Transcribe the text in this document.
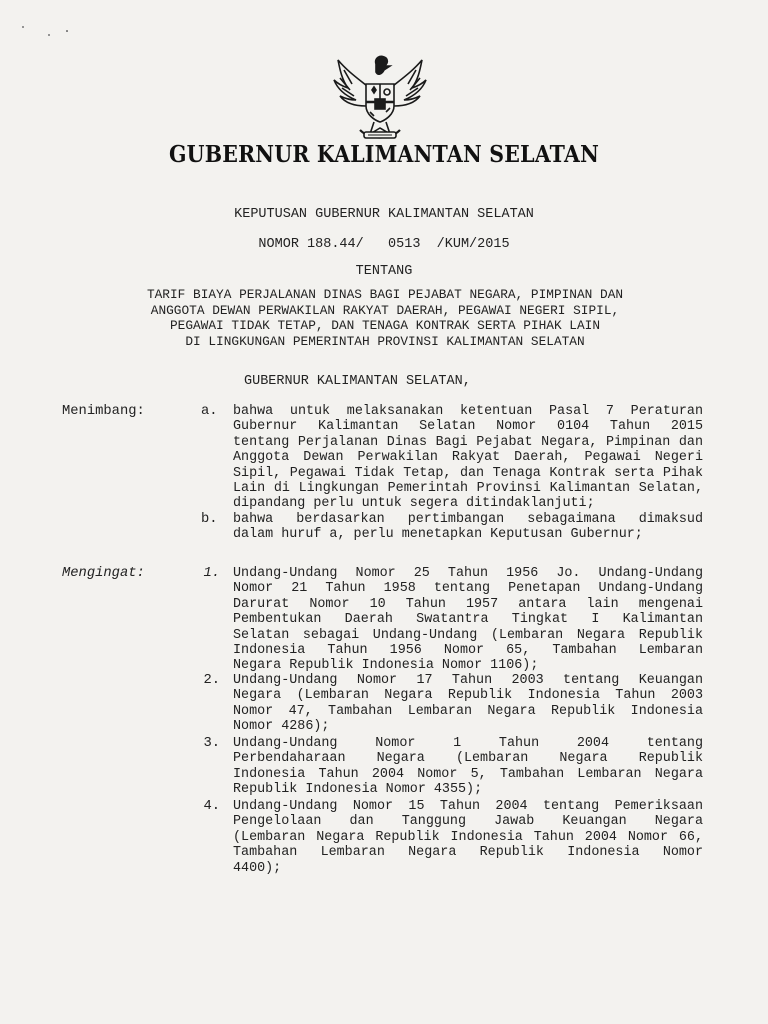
GUBERNUR KALIMANTAN SELATAN
KEPUTUSAN GUBERNUR KALIMANTAN SELATAN
NOMOR 188.44/   0513  /KUM/2015
TENTANG
TARIF BIAYA PERJALANAN DINAS BAGI PEJABAT NEGARA, PIMPINAN DAN
ANGGOTA DEWAN PERWAKILAN RAKYAT DAERAH, PEGAWAI NEGERI SIPIL,
PEGAWAI TIDAK TETAP, DAN TENAGA KONTRAK SERTA PIHAK LAIN
DI LINGKUNGAN PEMERINTAH PROVINSI KALIMANTAN SELATAN
GUBERNUR KALIMANTAN SELATAN,
Menimbang:	a.	bahwa untuk melaksanakan ketentuan Pasal 7 Peraturan
Gubernur Kalimantan Selatan Nomor 0104 Tahun 2015
tentang Perjalanan Dinas Bagi Pejabat Negara, Pimpinan dan
Anggota Dewan Perwakilan Rakyat Daerah, Pegawai Negeri
Sipil, Pegawai Tidak Tetap, dan Tenaga Kontrak serta Pihak
Lain di Lingkungan Pemerintah Provinsi Kalimantan Selatan,
dipandang perlu untuk segera ditindaklanjuti;
b.	bahwa berdasarkan pertimbangan sebagaimana dimaksud
dalam huruf a, perlu menetapkan Keputusan Gubernur;
Mengingat:	1. Undang-Undang Nomor 25 Tahun 1956 Jo. Undang-Undang
Nomor 21 Tahun 1958 tentang Penetapan Undang-Undang
Darurat Nomor 10 Tahun 1957 antara lain mengenai
Pembentukan Daerah Swatantra Tingkat I Kalimantan
Selatan sebagai Undang-Undang (Lembaran Negara Republik
Indonesia Tahun 1956 Nomor 65, Tambahan Lembaran
Negara Republik Indonesia Nomor 1106);
2. Undang-Undang Nomor 17 Tahun 2003 tentang Keuangan
Negara (Lembaran Negara Republik Indonesia Tahun 2003
Nomor 47, Tambahan Lembaran Negara Republik Indonesia
Nomor 4286);
3. Undang-Undang Nomor 1 Tahun 2004 tentang
Perbendaharaan Negara (Lembaran Negara Republik
Indonesia Tahun 2004 Nomor 5, Tambahan Lembaran Negara
Republik Indonesia Nomor 4355);
4. Undang-Undang Nomor 15 Tahun 2004 tentang Pemeriksaan
Pengelolaan dan Tanggung Jawab Keuangan Negara
(Lembaran Negara Republik Indonesia Tahun 2004 Nomor 66,
Tambahan Lembaran Negara Republik Indonesia Nomor
4400);
